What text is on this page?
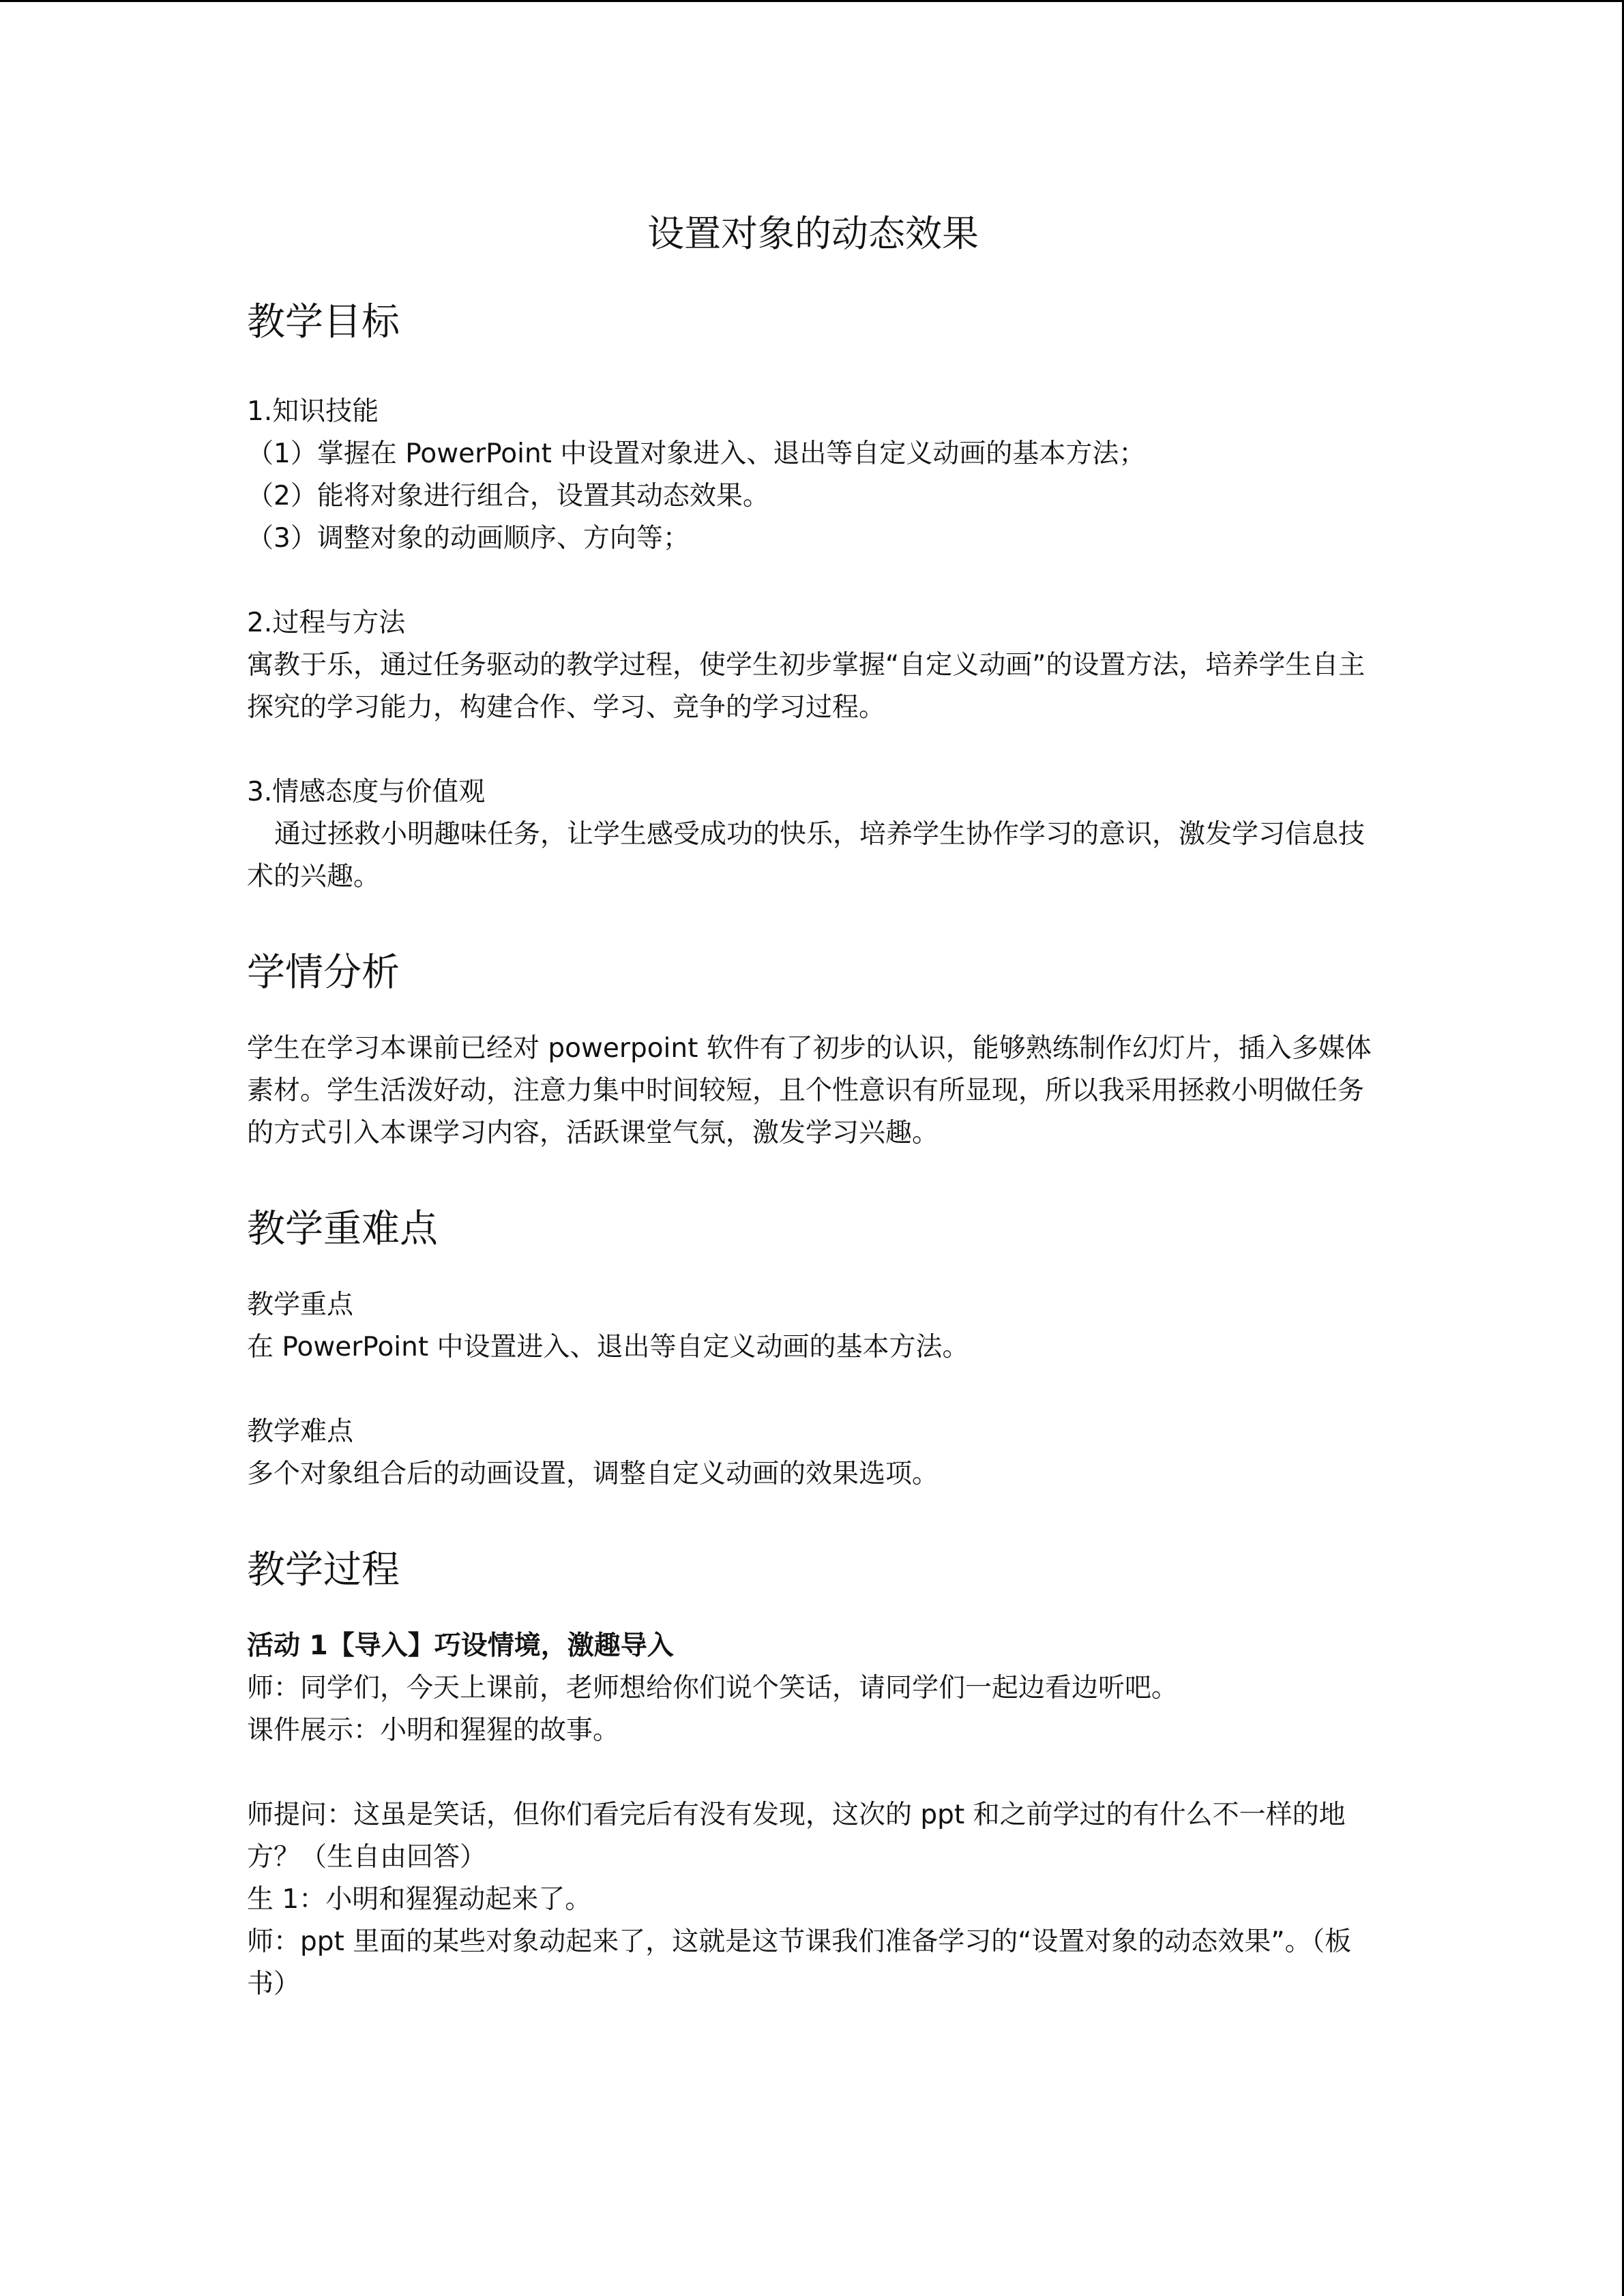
设置对象的动态效果
教学目标

1.知识技能

（1）掌握在 PowerPoint 中设置对象进入、退出等自定义动画的基本方法；

（2）能将对象进行组合，设置其动态效果。

（3）调整对象的动画顺序、方向等；

2.过程与方法

寓教于乐，通过任务驱动的教学过程，使学生初步掌握“自定义动画”的设置方法，培养学生自主探究的学习能力，构建合作、学习、竞争的学习过程。

3.情感态度与价值观

通过拯救小明趣味任务，让学生感受成功的快乐，培养学生协作学习的意识，激发学习信息技术的兴趣。

学情分析

学生在学习本课前已经对 powerpoint 软件有了初步的认识，能够熟练制作幻灯片，插入多媒体素材。学生活泼好动，注意力集中时间较短，且个性意识有所显现，所以我采用拯救小明做任务的方式引入本课学习内容，活跃课堂气氛，激发学习兴趣。

教学重难点

教学重点

在 PowerPoint 中设置进入、退出等自定义动画的基本方法。

教学难点

多个对象组合后的动画设置，调整自定义动画的效果选项。

教学过程

活动 1【导入】巧设情境，激趣导入

师：同学们，今天上课前，老师想给你们说个笑话，请同学们一起边看边听吧。

课件展示：小明和猩猩的故事。

师提问：这虽是笑话，但你们看完后有没有发现，这次的 ppt 和之前学过的有什么不一样的地方？（生自由回答）

生 1：小明和猩猩动起来了。

师：ppt 里面的某些对象动起来了，这就是这节课我们准备学习的“设置对象的动态效果”。（板书）
